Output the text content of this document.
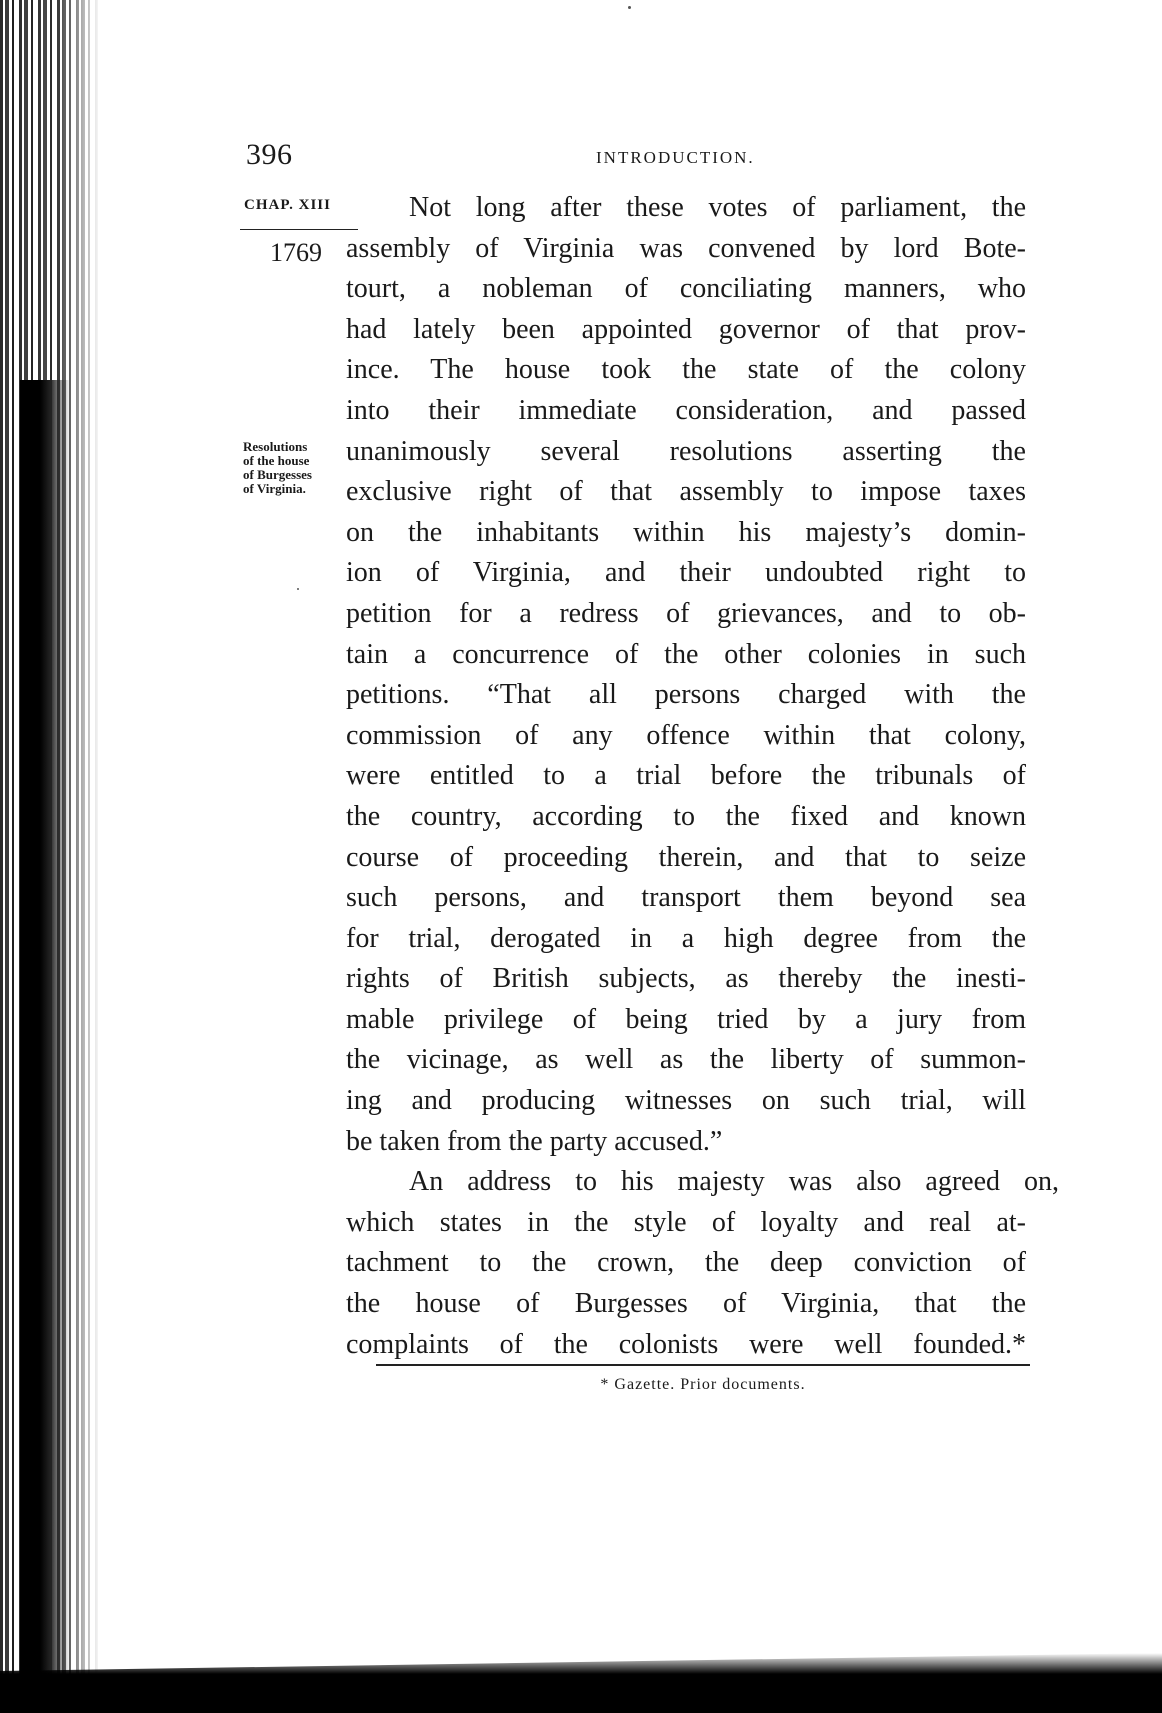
396	INTRODUCTION.
CHAP. XIII
1769
Resolutions
of the house
of Burgesses
of Virginia.
Not long after these votes of parliament, the
assembly of Virginia was convened by lord Bote-
tourt, a nobleman of conciliating manners, who
had lately been appointed governor of that prov-
ince. The house took the state of the colony
into their immediate consideration, and passed
unanimously several resolutions asserting the
exclusive right of that assembly to impose taxes
on the inhabitants within his majesty’s domin-
ion of Virginia, and their undoubted right to
petition for a redress of grievances, and to ob-
tain a concurrence of the other colonies in such
petitions. “That all persons charged with the
commission of any offence within that colony,
were entitled to a trial before the tribunals of
the country, according to the fixed and known
course of proceeding therein, and that to seize
such persons, and transport them beyond sea
for trial, derogated in a high degree from the
rights of British subjects, as thereby the inesti-
mable privilege of being tried by a jury from
the vicinage, as well as the liberty of summon-
ing and producing witnesses on such trial, will
be taken from the party accused.”
An address to his majesty was also agreed on,
which states in the style of loyalty and real at-
tachment to the crown, the deep conviction of
the house of Burgesses of Virginia, that the
complaints of the colonists were well founded.*
* Gazette. Prior documents.
